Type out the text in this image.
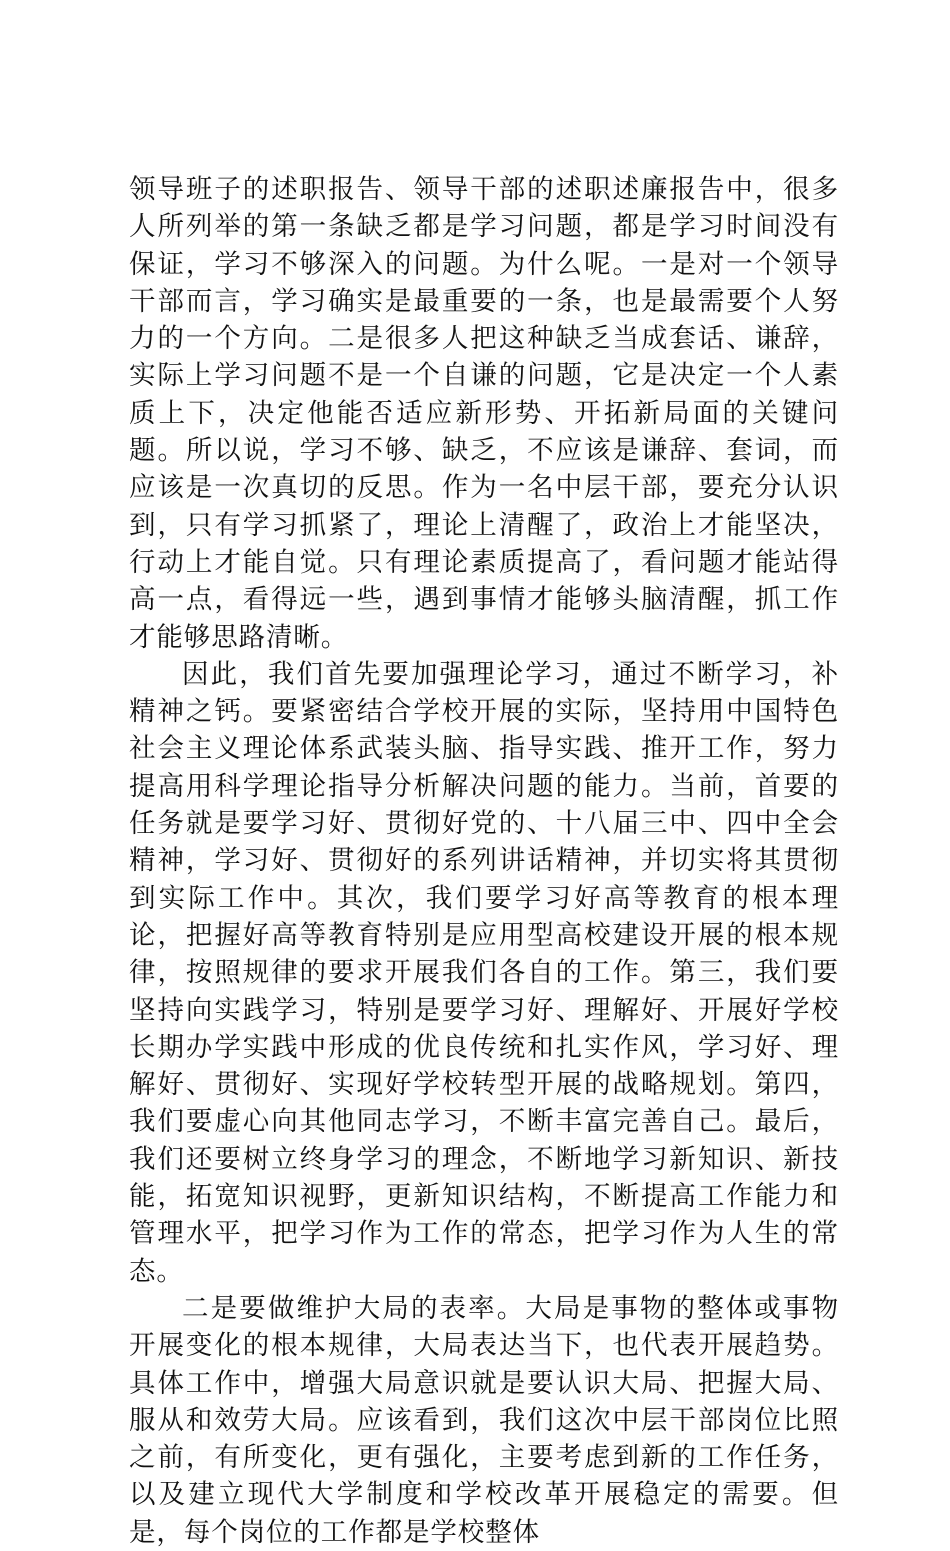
领导班子的述职报告、领导干部的述职述廉报告中，很多人所列举的第一条缺乏都是学习问题，都是学习时间没有保证，学习不够深入的问题。为什么呢。一是对一个领导干部而言，学习确实是最重要的一条，也是最需要个人努力的一个方向。二是很多人把这种缺乏当成套话、谦辞，实际上学习问题不是一个自谦的问题，它是决定一个人素质上下，决定他能否适应新形势、开拓新局面的关键问题。所以说，学习不够、缺乏，不应该是谦辞、套词，而应该是一次真切的反思。作为一名中层干部，要充分认识到，只有学习抓紧了，理论上清醒了，政治上才能坚决，行动上才能自觉。只有理论素质提高了，看问题才能站得高一点，看得远一些，遇到事情才能够头脑清醒，抓工作才能够思路清晰。

因此，我们首先要加强理论学习，通过不断学习，补精神之钙。要紧密结合学校开展的实际，坚持用中国特色社会主义理论体系武装头脑、指导实践、推开工作，努力提高用科学理论指导分析解决问题的能力。当前，首要的任务就是要学习好、贯彻好党的、十八届三中、四中全会精神，学习好、贯彻好的系列讲话精神，并切实将其贯彻到实际工作中。其次，我们要学习好高等教育的根本理论，把握好高等教育特别是应用型高校建设开展的根本规律，按照规律的要求开展我们各自的工作。第三，我们要坚持向实践学习，特别是要学习好、理解好、开展好学校长期办学实践中形成的优良传统和扎实作风，学习好、理解好、贯彻好、实现好学校转型开展的战略规划。第四，我们要虚心向其他同志学习，不断丰富完善自己。最后，我们还要树立终身学习的理念，不断地学习新知识、新技能，拓宽知识视野，更新知识结构，不断提高工作能力和管理水平，把学习作为工作的常态，把学习作为人生的常态。

二是要做维护大局的表率。大局是事物的整体或事物开展变化的根本规律，大局表达当下，也代表开展趋势。具体工作中，增强大局意识就是要认识大局、把握大局、服从和效劳大局。应该看到，我们这次中层干部岗位比照之前，有所变化，更有强化，主要考虑到新的工作任务，以及建立现代大学制度和学校改革开展稳定的需要。但是，每个岗位的工作都是学校整体
